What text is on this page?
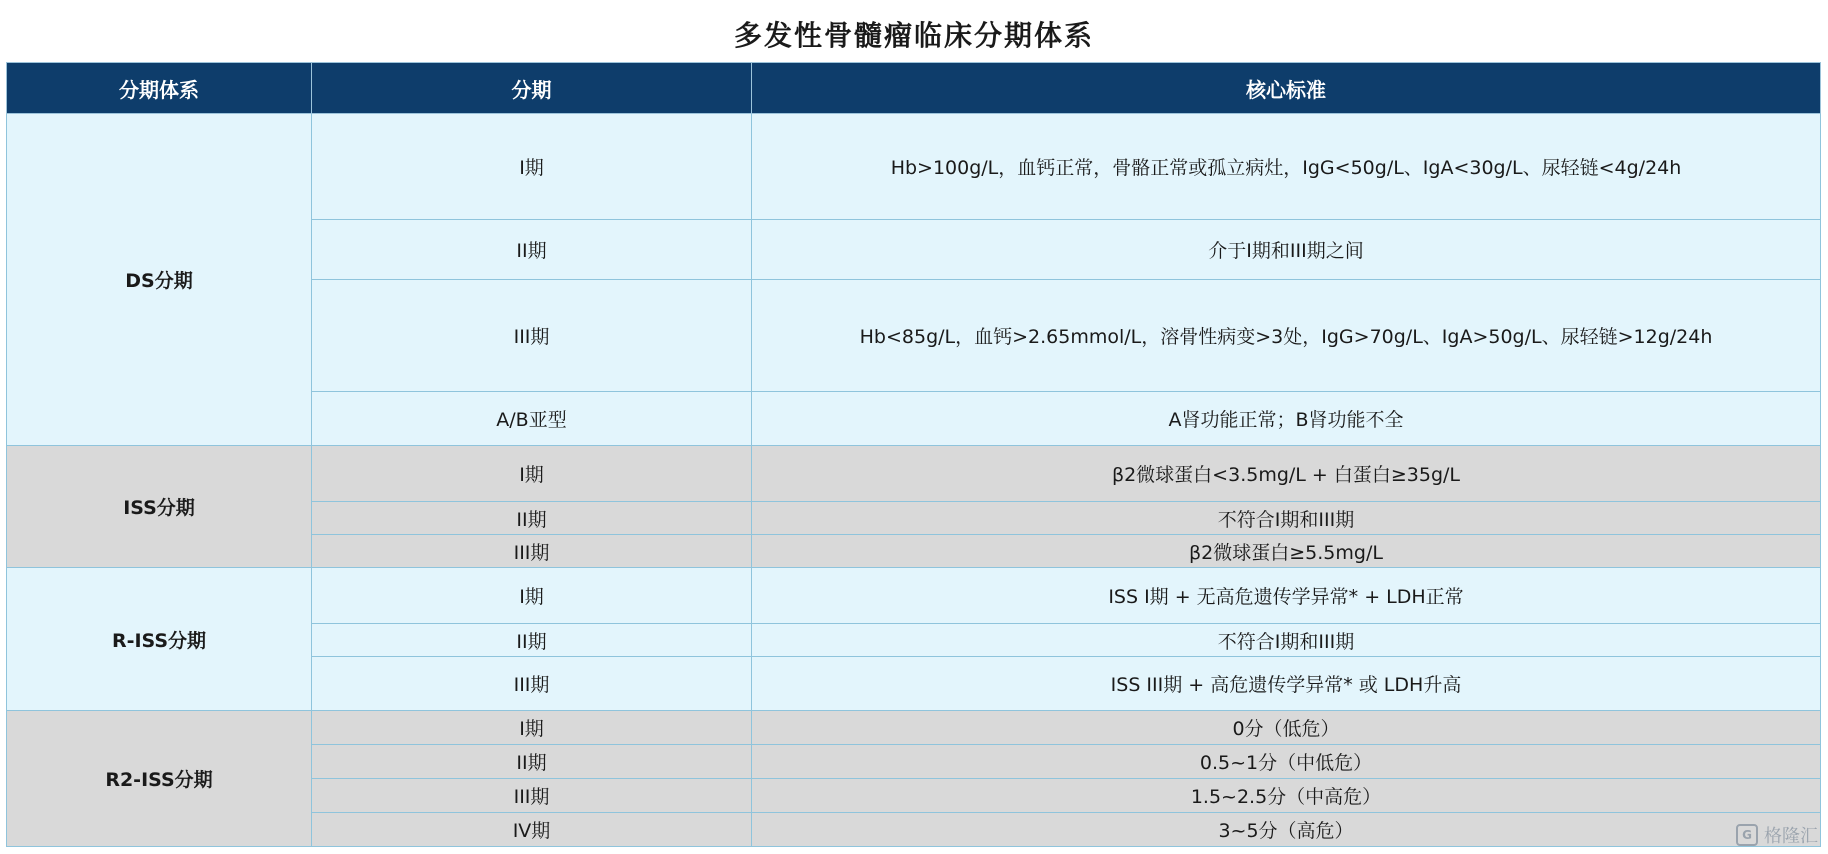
多发性骨髓瘤临床分期体系
分期体系	分期	核心标准
DS分期	I期	Hb>100g/L，血钙正常，骨骼正常或孤立病灶，IgG<50g/L、IgA<30g/L、尿轻链<4g/24h
	II期	介于I期和III期之间
	III期	Hb<85g/L，血钙>2.65mmol/L，溶骨性病变>3处，IgG>70g/L、IgA>50g/L、尿轻链>12g/24h
	A/B亚型	A肾功能正常；B肾功能不全
ISS分期	I期	β2微球蛋白<3.5mg/L + 白蛋白≥35g/L
	II期	不符合I期和III期
	III期	β2微球蛋白≥5.5mg/L
R-ISS分期	I期	ISS I期 + 无高危遗传学异常* + LDH正常
	II期	不符合I期和III期
	III期	ISS III期 + 高危遗传学异常* 或 LDH升高
R2-ISS分期	I期	0分（低危）
	II期	0.5~1分（中低危）
	III期	1.5~2.5分（中高危）
	IV期	3~5分（高危）	G 格隆汇
